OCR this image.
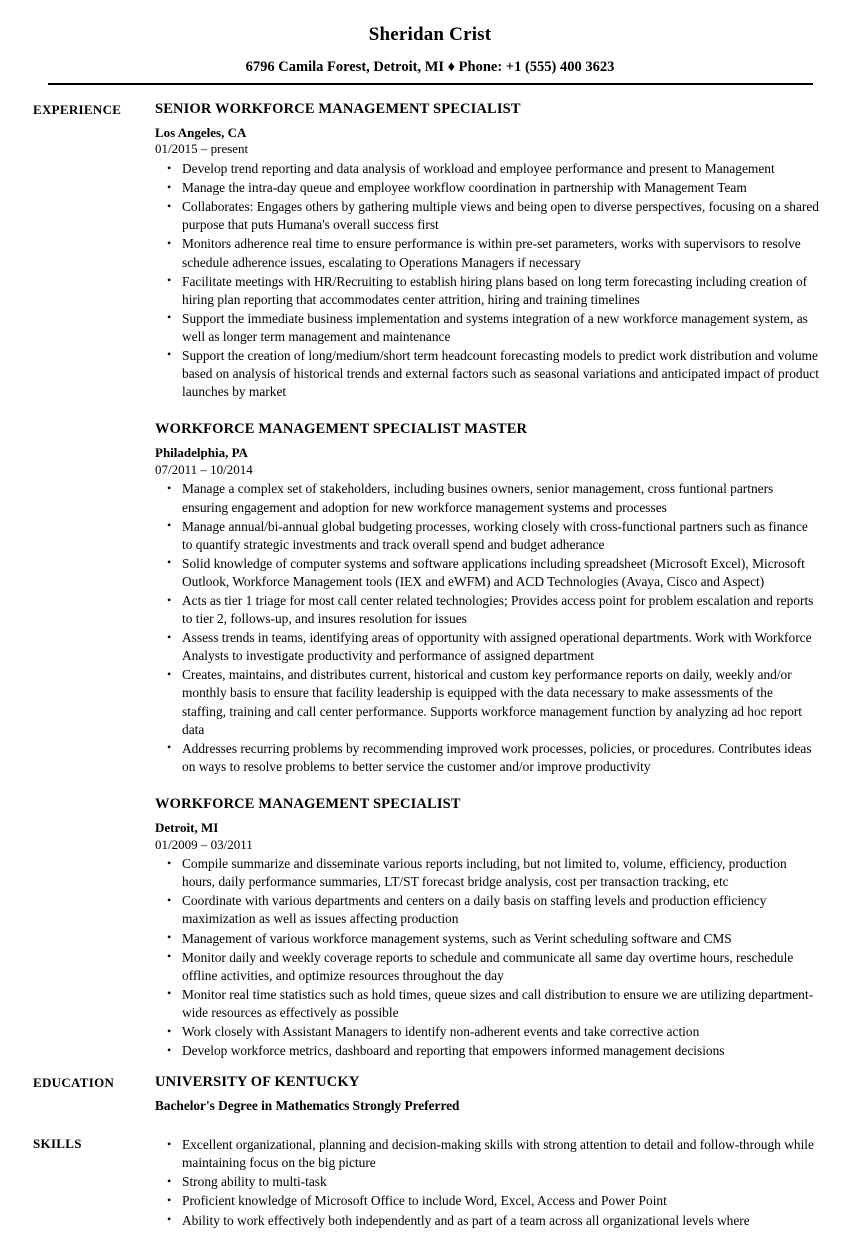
Sheridan Crist
6796 Camila Forest, Detroit, MI ♦ Phone: +1 (555) 400 3623
EXPERIENCE	SENIOR WORKFORCE MANAGEMENT SPECIALIST
Los Angeles, CA
01/2015 – present
• Develop trend reporting and data analysis of workload and employee performance and present to Management
• Manage the intra-day queue and employee workflow coordination in partnership with Management Team
• Collaborates: Engages others by gathering multiple views and being open to diverse perspectives, focusing on a shared purpose that puts Humana's overall success first
• Monitors adherence real time to ensure performance is within pre-set parameters, works with supervisors to resolve schedule adherence issues, escalating to Operations Managers if necessary
• Facilitate meetings with HR/Recruiting to establish hiring plans based on long term forecasting including creation of hiring plan reporting that accommodates center attrition, hiring and training timelines
• Support the immediate business implementation and systems integration of a new workforce management system, as well as longer term management and maintenance
• Support the creation of long/medium/short term headcount forecasting models to predict work distribution and volume based on analysis of historical trends and external factors such as seasonal variations and anticipated impact of product launches by market
WORKFORCE MANAGEMENT SPECIALIST MASTER
Philadelphia, PA
07/2011 – 10/2014
• Manage a complex set of stakeholders, including busines owners, senior management, cross funtional partners ensuring engagement and adoption for new workforce management systems and processes
• Manage annual/bi-annual global budgeting processes, working closely with cross-functional partners such as finance to quantify strategic investments and track overall spend and budget adherance
• Solid knowledge of computer systems and software applications including spreadsheet (Microsoft Excel), Microsoft Outlook, Workforce Management tools (IEX and eWFM) and ACD Technologies (Avaya, Cisco and Aspect)
• Acts as tier 1 triage for most call center related technologies; Provides access point for problem escalation and reports to tier 2, follows-up, and insures resolution for issues
• Assess trends in teams, identifying areas of opportunity with assigned operational departments. Work with Workforce Analysts to investigate productivity and performance of assigned department
• Creates, maintains, and distributes current, historical and custom key performance reports on daily, weekly and/or monthly basis to ensure that facility leadership is equipped with the data necessary to make assessments of the staffing, training and call center performance. Supports workforce management function by analyzing ad hoc report data
• Addresses recurring problems by recommending improved work processes, policies, or procedures. Contributes ideas on ways to resolve problems to better service the customer and/or improve productivity
WORKFORCE MANAGEMENT SPECIALIST
Detroit, MI
01/2009 – 03/2011
• Compile summarize and disseminate various reports including, but not limited to, volume, efficiency, production hours, daily performance summaries, LT/ST forecast bridge analysis, cost per transaction tracking, etc
• Coordinate with various departments and centers on a daily basis on staffing levels and production efficiency maximization as well as issues affecting production
• Management of various workforce management systems, such as Verint scheduling software and CMS
• Monitor daily and weekly coverage reports to schedule and communicate all same day overtime hours, reschedule offline activities, and optimize resources throughout the day
• Monitor real time statistics such as hold times, queue sizes and call distribution to ensure we are utilizing department-wide resources as effectively as possible
• Work closely with Assistant Managers to identify non-adherent events and take corrective action
• Develop workforce metrics, dashboard and reporting that empowers informed management decisions
EDUCATION	UNIVERSITY OF KENTUCKY
Bachelor's Degree in Mathematics Strongly Preferred
SKILLS	• Excellent organizational, planning and decision-making skills with strong attention to detail and follow-through while maintaining focus on the big picture
• Strong ability to multi-task
• Proficient knowledge of Microsoft Office to include Word, Excel, Access and Power Point
• Ability to work effectively both independently and as part of a team across all organizational levels where
